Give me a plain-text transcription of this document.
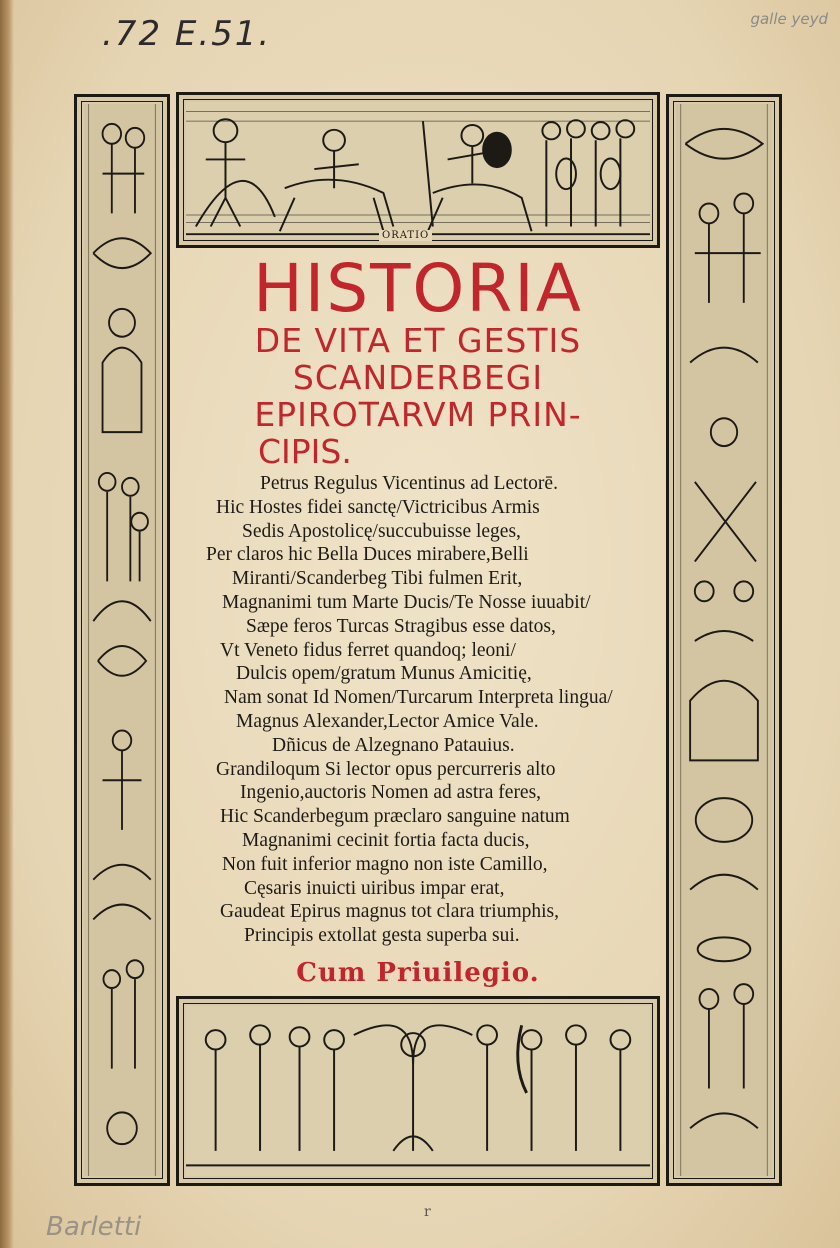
.72 E.51.	galle yeyd
ORATIO
HISTORIA
DE VITA ET GESTIS
SCANDERBEGI
EPIROTARVM PRIN-
CIPIS.
Petrus Regulus Vicentinus ad Lectorē.
Hic Hostes fidei sanctę/Victricibus Armis
Sedis Apostolicę/succubuisse leges,
Per claros hic Bella Duces mirabere,Belli
Miranti/Scanderbeg Tibi fulmen Erit,
Magnanimi tum Marte Ducis/Te Nosse iuuabit/
Sæpe feros Turcas Stragibus esse datos,
Vt Veneto fidus ferret quandoq; leoni/
Dulcis opem/gratum Munus Amicitię,
Nam sonat Id Nomen/Turcarum Interpreta lingua/
Magnus Alexander,Lector Amice Vale.
Dñicus de Alzegnano Patauius.
Grandiloqum Si lector opus percurreris alto
Ingenio,auctoris Nomen ad astra feres,
Hic Scanderbegum præclaro sanguine natum
Magnanimi cecinit fortia facta ducis,
Non fuit inferior magno non iste Camillo,
Cęsaris inuicti uiribus impar erat,
Gaudeat Epirus magnus tot clara triumphis,
Principis extollat gesta superba sui.
Cum Priuilegio.
Barletti	r
